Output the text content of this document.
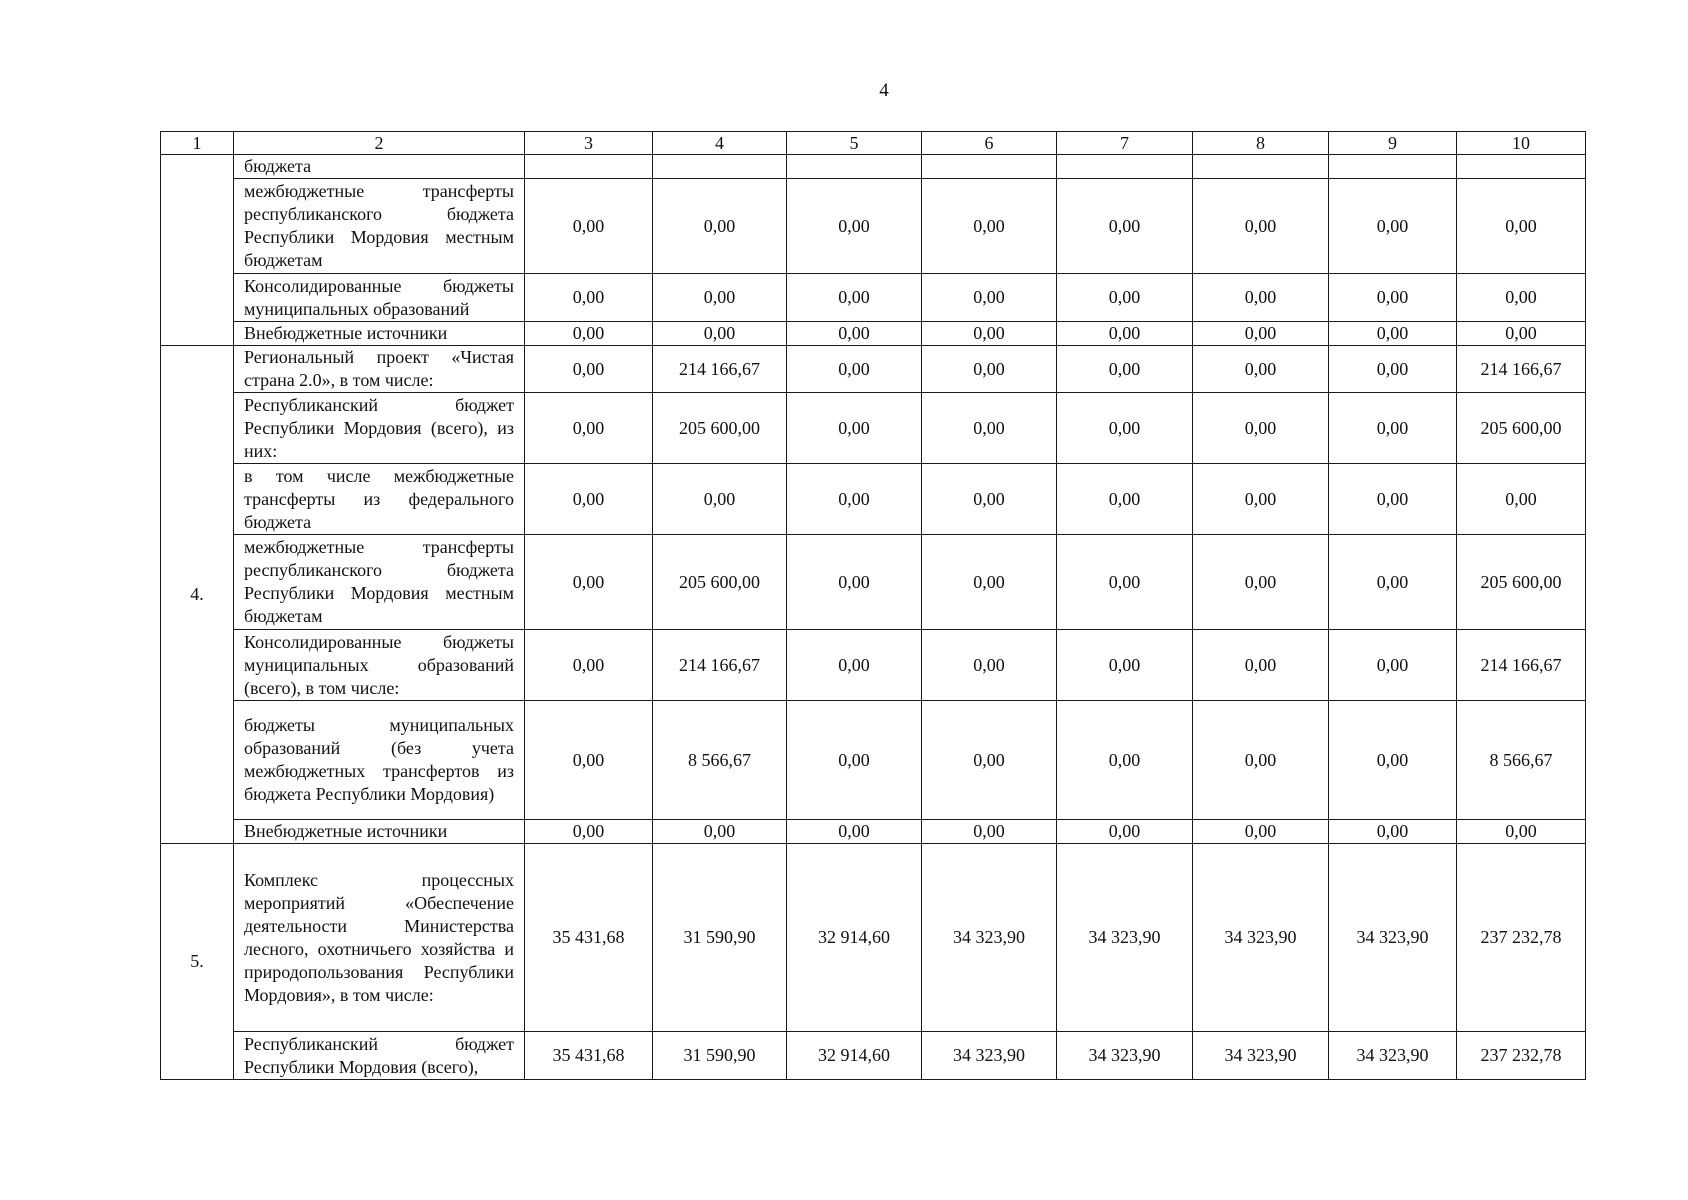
4
1	2	3	4	5	6	7	8	9	10
	бюджета								
	межбюджетные трансферты республиканского бюджета Республики Мордовия местным бюджетам	0,00	0,00	0,00	0,00	0,00	0,00	0,00	0,00
	Консолидированные бюджеты муниципальных образований	0,00	0,00	0,00	0,00	0,00	0,00	0,00	0,00
	Внебюджетные источники	0,00	0,00	0,00	0,00	0,00	0,00	0,00	0,00
4.	Региональный проект «Чистая страна 2.0», в том числе:	0,00	214 166,67	0,00	0,00	0,00	0,00	0,00	214 166,67
	Республиканский бюджет Республики Мордовия (всего), из них:	0,00	205 600,00	0,00	0,00	0,00	0,00	0,00	205 600,00
	в том числе межбюджетные трансферты из федерального бюджета	0,00	0,00	0,00	0,00	0,00	0,00	0,00	0,00
	межбюджетные трансферты республиканского бюджета Республики Мордовия местным бюджетам	0,00	205 600,00	0,00	0,00	0,00	0,00	0,00	205 600,00
	Консолидированные бюджеты муниципальных образований (всего), в том числе:	0,00	214 166,67	0,00	0,00	0,00	0,00	0,00	214 166,67
	бюджеты муниципальных образований (без учета межбюджетных трансфертов из бюджета Республики Мордовия)	0,00	8 566,67	0,00	0,00	0,00	0,00	0,00	8 566,67
	Внебюджетные источники	0,00	0,00	0,00	0,00	0,00	0,00	0,00	0,00
5.	Комплекс процессных мероприятий «Обеспечение деятельности Министерства лесного, охотничьего хозяйства и природопользования Республики Мордовия», в том числе:	35 431,68	31 590,90	32 914,60	34 323,90	34 323,90	34 323,90	34 323,90	237 232,78
	Республиканский бюджет Республики Мордовия (всего),	35 431,68	31 590,90	32 914,60	34 323,90	34 323,90	34 323,90	34 323,90	237 232,78
